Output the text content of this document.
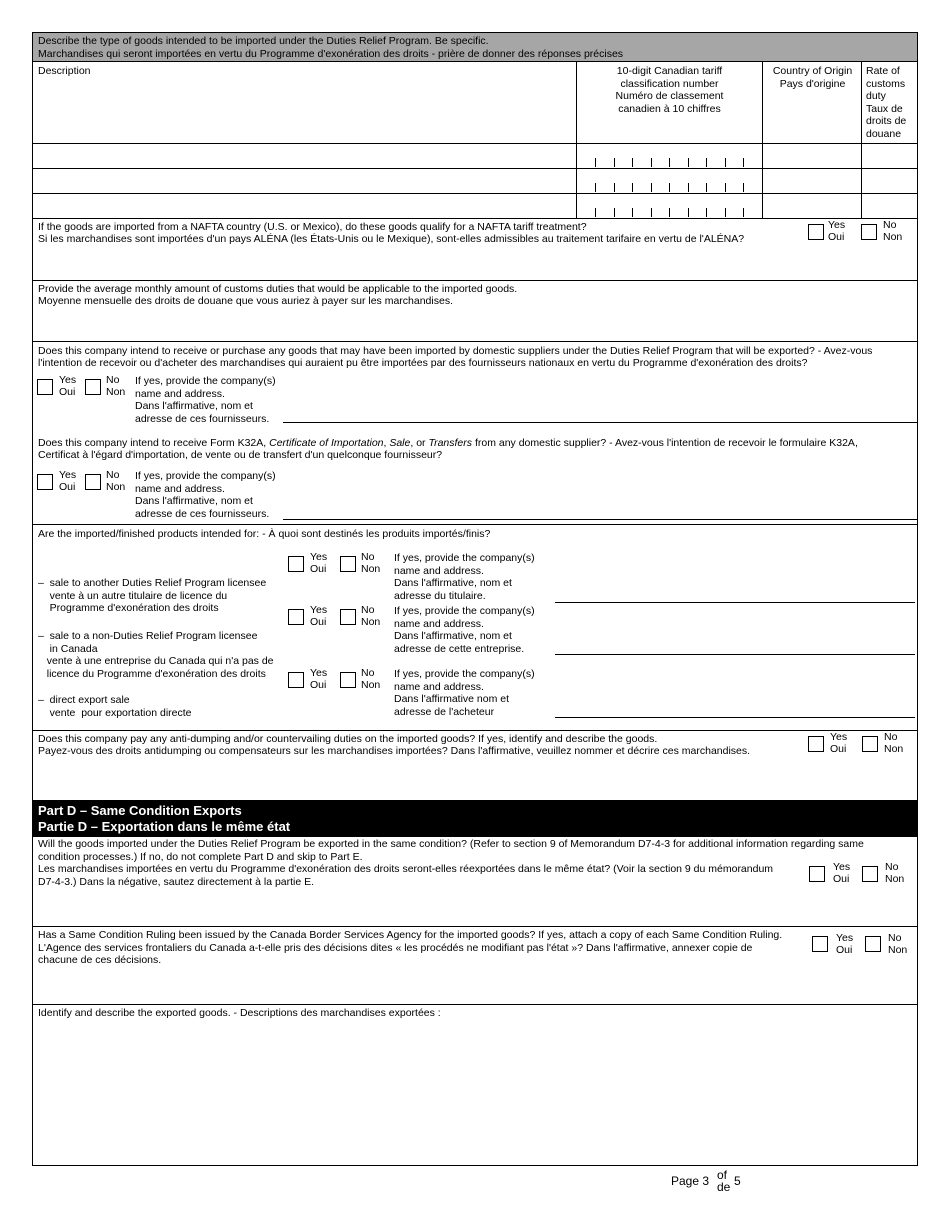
Describe the type of goods intended to be imported under the Duties Relief Program. Be specific.
Marchandises qui seront importées en vertu du Programme d'exonération des droits - prière de donner des réponses précises
Description	10-digit Canadian tariff
classification number
Numéro de classement
canadien à 10 chiffres
Country of Origin
Pays d'origine
Rate of
customs
duty
Taux de
droits de
douane
If the goods are imported from a NAFTA country (U.S. or Mexico), do these goods qualify for a NAFTA tariff treatment?
Si les marchandises sont importées d'un pays ALÉNA (les États-Unis ou le Mexique), sont-elles admissibles au traitement tarifaire en vertu de l'ALÉNA?
Yes
Oui
No
Non
Provide the average monthly amount of customs duties that would be applicable to the imported goods.
Moyenne mensuelle des droits de douane que vous auriez à payer sur les marchandises.
Does this company intend to receive or purchase any goods that may have been imported by domestic suppliers under the Duties Relief Program that will be exported? - Avez-vous
l'intention de recevoir ou d'acheter des marchandises qui auraient pu être importées par des fournisseurs nationaux en vertu du Programme d'exonération des droits?
Yes
Oui
No
Non
If yes, provide the company(s)
name and address.
Dans l'affirmative, nom et
adresse de ces fournisseurs.
Does this company intend to receive Form K32A, Certificate of Importation, Sale, or Transfers from any domestic supplier? - Avez-vous l'intention de recevoir le formulaire K32A,
Certificat à l'égard d'importation, de vente ou de transfert d'un quelconque fournisseur?
Yes
Oui
No
Non
If yes, provide the company(s)
name and address.
Dans l'affirmative, nom et
adresse de ces fournisseurs.
Are the imported/finished products intended for: - À quoi sont destinés les produits importés/finis?

–  sale to another Duties Relief Program licensee
vente à un autre titulaire de licence du
Programme d'exonération des droits

Yes
Oui
No
Non
If yes, provide the company(s)
name and address.
Dans l'affirmative, nom et
adresse du titulaire.

–  sale to a non-Duties Relief Program licensee
in Canada
vente à une entreprise du Canada qui n'a pas de
licence du Programme d'exonération des droits

Yes
Oui
No
Non
If yes, provide the company(s)
name and address.
Dans l'affirmative, nom et
adresse de cette entreprise.

–  direct export sale
vente  pour exportation directe

Yes
Oui
No
Non
If yes, provide the company(s)
name and address.
Dans l'affirmative nom et
adresse de l'acheteur
Does this company pay any anti-dumping and/or countervailing duties on the imported goods? If yes, identify and describe the goods.
Payez-vous des droits antidumping ou compensateurs sur les marchandises importées? Dans l'affirmative, veuillez nommer et décrire ces marchandises.
Yes
Oui
No
Non
Part D – Same Condition Exports
Partie D – Exportation dans le même état
Will the goods imported under the Duties Relief Program be exported in the same condition? (Refer to section 9 of Memorandum D7-4-3 for additional information regarding same
condition processes.) If no, do not complete Part D and skip to Part E.
Les marchandises importées en vertu du Programme d'exonération des droits seront-elles réexportées dans le même état? (Voir la section 9 du mémorandum
D7-4-3.) Dans la négative, sautez directement à la partie E.
Yes
Oui
No
Non
Has a Same Condition Ruling been issued by the Canada Border Services Agency for the imported goods? If yes, attach a copy of each Same Condition Ruling.
L'Agence des services frontaliers du Canada a-t-elle pris des décisions dites « les procédés ne modifiant pas l'état »? Dans l'affirmative, annexer copie de
chacune de ces décisions.
Yes
Oui
No
Non
Identify and describe the exported goods. - Descriptions des marchandises exportées :
Page 3 of
de 5
